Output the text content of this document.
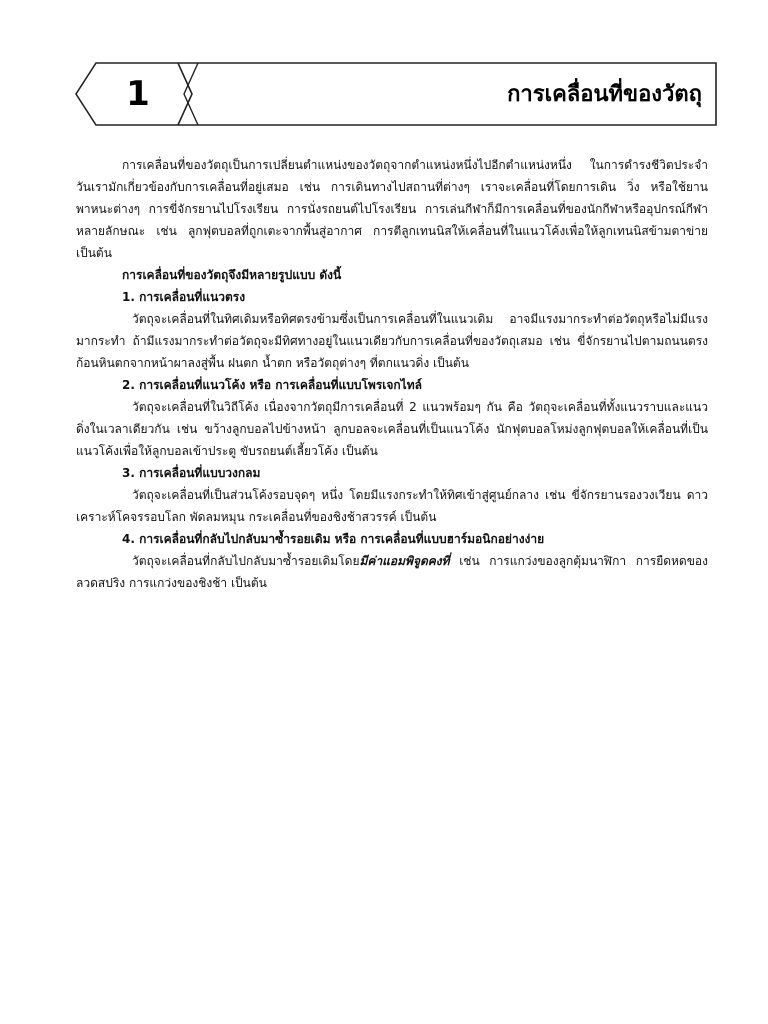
1	การเคลื่อนที่ของวัตถุ

การเคลื่อนที่ของวัตถุเป็นการเปลี่ยนตำแหน่งของวัตถุจากตำแหน่งหนึ่งไปอีกตำแหน่งหนึ่ง ในการดำรงชีวิตประจำวันเรามักเกี่ยวข้องกับการเคลื่อนที่อยู่เสมอ เช่น การเดินทางไปสถานที่ต่างๆ เราจะเคลื่อนที่โดยการเดิน วิ่ง หรือใช้ยานพาหนะต่างๆ การขี่จักรยานไปโรงเรียน การนั่งรถยนต์ไปโรงเรียน การเล่นกีฬาก็มีการเคลื่อนที่ของนักกีฬาหรืออุปกรณ์กีฬาหลายลักษณะ เช่น ลูกฟุตบอลที่ถูกเตะจากพื้นสู่อากาศ การตีลูกเทนนิสให้เคลื่อนที่ในแนวโค้งเพื่อให้ลูกเทนนิสข้ามตาข่าย เป็นต้น

การเคลื่อนที่ของวัตถุจึงมีหลายรูปแบบ ดังนี้
1. การเคลื่อนที่แนวตรง

วัตถุจะเคลื่อนที่ในทิศเดิมหรือทิศตรงข้ามซึ่งเป็นการเคลื่อนที่ในแนวเดิม อาจมีแรงมากระทำต่อวัตถุหรือไม่มีแรงมากระทำ ถ้ามีแรงมากระทำต่อวัตถุจะมีทิศทางอยู่ในแนวเดียวกับการเคลื่อนที่ของวัตถุเสมอ เช่น ขี่จักรยานไปตามถนนตรง ก้อนหินตกจากหน้าผาลงสู่พื้น ฝนตก น้ำตก หรือวัตถุต่างๆ ที่ตกแนวดิ่ง เป็นต้น

2. การเคลื่อนที่แนวโค้ง หรือ การเคลื่อนที่แบบโพรเจกไทล์

วัตถุจะเคลื่อนที่ในวิถีโค้ง เนื่องจากวัตถุมีการเคลื่อนที่ 2 แนวพร้อมๆ กัน คือ วัตถุจะเคลื่อนที่ทั้งแนวราบและแนวดิ่งในเวลาเดียวกัน เช่น ขว้างลูกบอลไปข้างหน้า ลูกบอลจะเคลื่อนที่เป็นแนวโค้ง นักฟุตบอลโหม่งลูกฟุตบอลให้เคลื่อนที่เป็นแนวโค้งเพื่อให้ลูกบอลเข้าประตู ขับรถยนต์เลี้ยวโค้ง เป็นต้น

3. การเคลื่อนที่แบบวงกลม

วัตถุจะเคลื่อนที่เป็นส่วนโค้งรอบจุดๆ หนึ่ง โดยมีแรงกระทำให้ทิศเข้าสู่ศูนย์กลาง เช่น ขี่จักรยานรองวงเวียน ดาวเคราะห์โคจรรอบโลก พัดลมหมุน กระเคลื่อนที่ของชิงช้าสวรรค์ เป็นต้น

4. การเคลื่อนที่กลับไปกลับมาซ้ำรอยเดิม หรือ การเคลื่อนที่แบบฮาร์มอนิกอย่างง่าย

วัตถุจะเคลื่อนที่กลับไปกลับมาซ้ำรอยเดิมโดยมีค่าแอมพิจูดคงที่ เช่น การแกว่งของลูกตุ้มนาฬิกา การยืดหดของลวดสปริง การแกว่งของชิงช้า เป็นต้น
